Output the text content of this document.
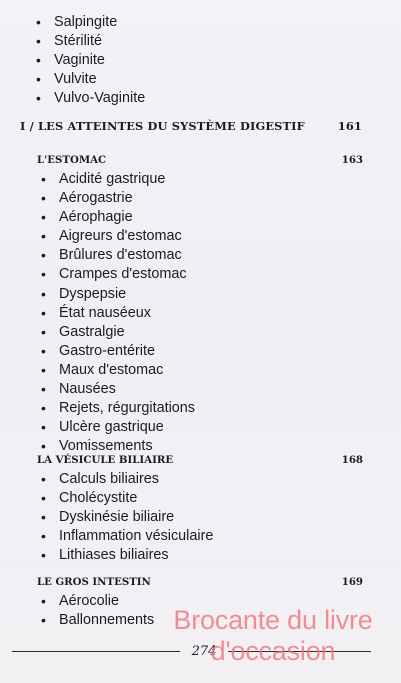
• Salpingite
• Stérilité
• Vaginite
• Vulvite
• Vulvo-Vaginite
I / LES ATTEINTES DU SYSTÈME DIGESTIF	161
L'ESTOMAC	163
• Acidité gastrique
• Aérogastrie
• Aérophagie
• Aigreurs d'estomac
• Brûlures d'estomac
• Crampes d'estomac
• Dyspepsie
• État nauséeux
• Gastralgie
• Gastro-entérite
• Maux d'estomac
• Nausées
• Rejets, régurgitations
• Ulcère gastrique
• Vomissements
LA VÉSICULE BILIAIRE	168
• Calculs biliaires
• Cholécystite
• Dyskinésie biliaire
• Inflammation vésiculaire
• Lithiases biliaires
LE GROS INTESTIN	169
• Aérocolie
• Ballonnements
274
Brocante du livre
d'occasion
